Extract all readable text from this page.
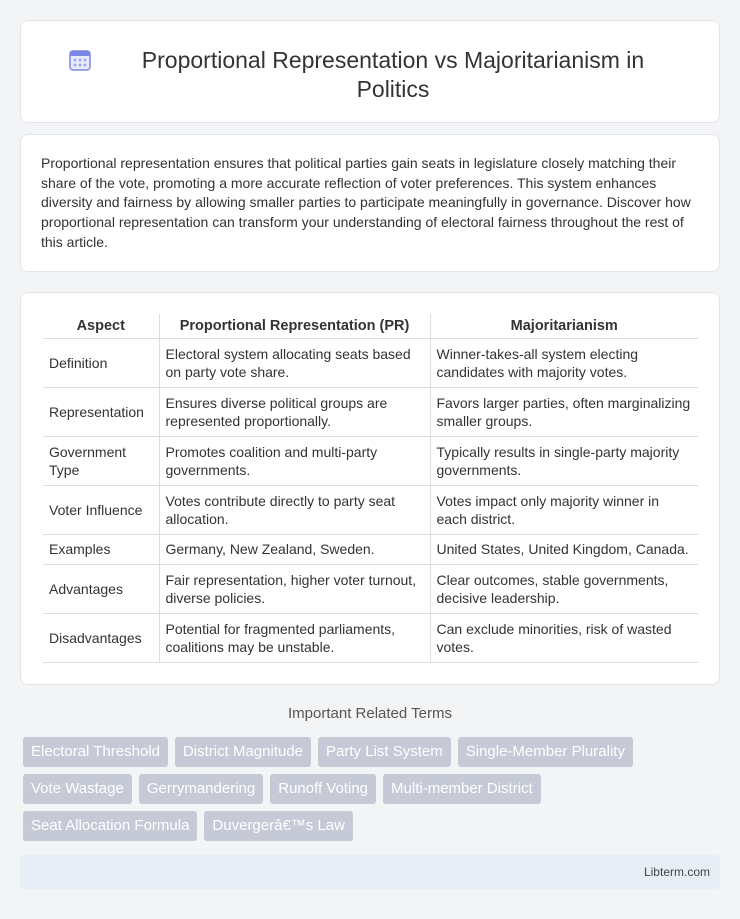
Proportional Representation vs Majoritarianism in Politics

Proportional representation ensures that political parties gain seats in legislature closely matching their share of the vote, promoting a more accurate reflection of voter preferences. This system enhances diversity and fairness by allowing smaller parties to participate meaningfully in governance. Discover how proportional representation can transform your understanding of electoral fairness throughout the rest of this article.

Aspect	Proportional Representation (PR)	Majoritarianism
Definition	Electoral system allocating seats based on party vote share.	Winner-takes-all system electing candidates with majority votes.
Representation	Ensures diverse political groups are represented proportionally.	Favors larger parties, often marginalizing smaller groups.
Government Type	Promotes coalition and multi-party governments.	Typically results in single-party majority governments.
Voter Influence	Votes contribute directly to party seat allocation.	Votes impact only majority winner in each district.
Examples	Germany, New Zealand, Sweden.	United States, United Kingdom, Canada.
Advantages	Fair representation, higher voter turnout, diverse policies.	Clear outcomes, stable governments, decisive leadership.
Disadvantages	Potential for fragmented parliaments, coalitions may be unstable.	Can exclude minorities, risk of wasted votes.
Important Related Terms
Electoral Threshold	District Magnitude	Party List System	Single-Member Plurality
Vote Wastage	Gerrymandering	Runoff Voting	Multi-member District
Seat Allocation Formula	Duvergerâ€™s Law
Libterm.com
